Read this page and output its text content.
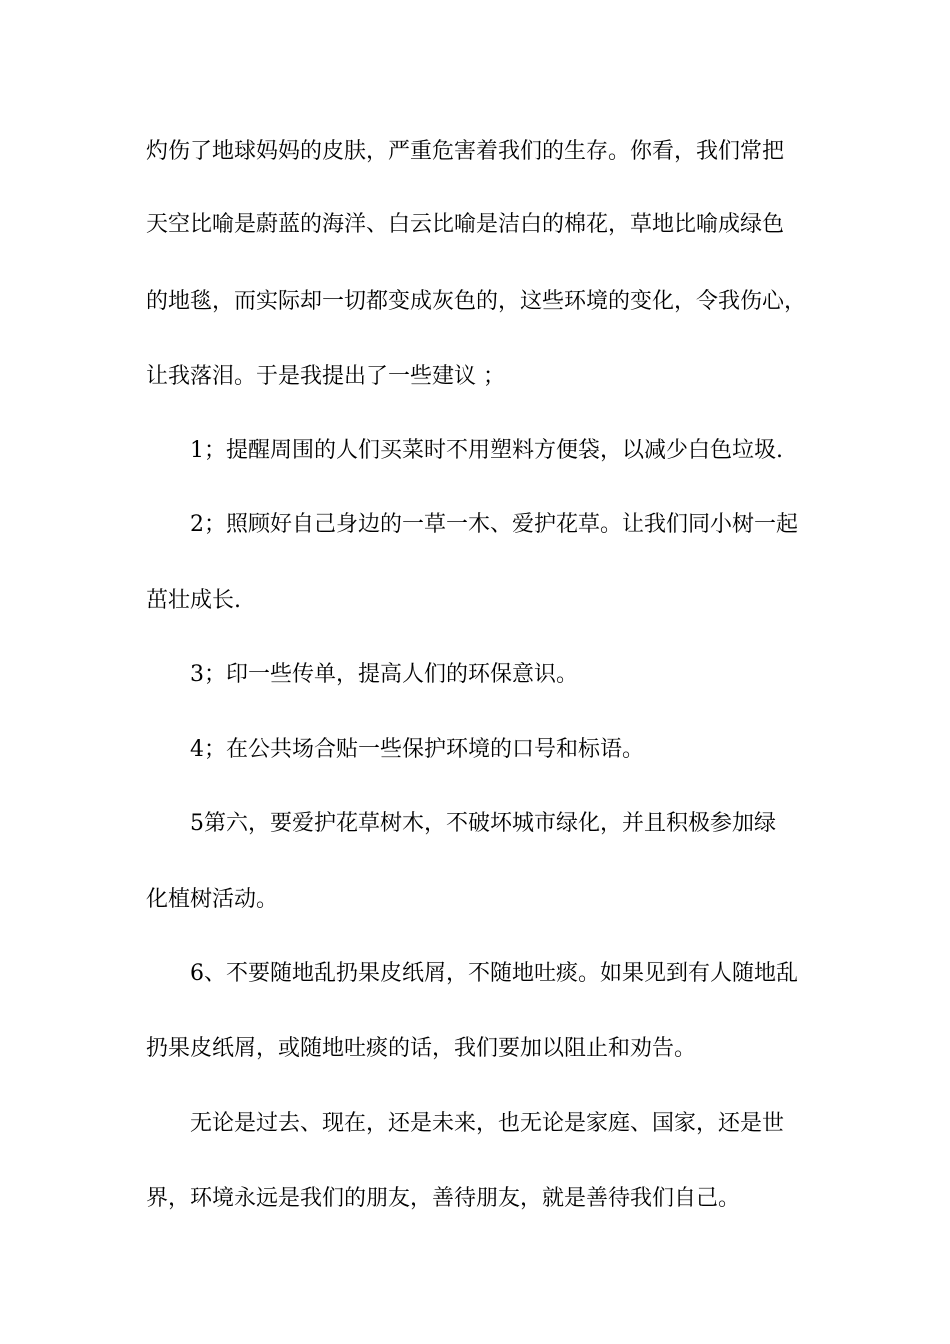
灼伤了地球妈妈的皮肤，严重危害着我们的生存。你看，我们常把
天空比喻是蔚蓝的海洋、白云比喻是洁白的棉花，草地比喻成绿色
的地毯，而实际却一切都变成灰色的，这些环境的变化，令我伤心，
让我落泪。于是我提出了一些建议 ；
1；提醒周围的人们买菜时不用塑料方便袋，以减少白色垃圾.
2；照顾好自己身边的一草一木、爱护花草。让我们同小树一起
茁壮成长.
3；印一些传单，提高人们的环保意识。
4；在公共场合贴一些保护环境的口号和标语。
5第六，要爱护花草树木，不破坏城市绿化，并且积极参加绿
化植树活动。
6、不要随地乱扔果皮纸屑，不随地吐痰。如果见到有人随地乱
扔果皮纸屑，或随地吐痰的话，我们要加以阻止和劝告。
无论是过去、现在，还是未来，也无论是家庭、国家，还是世
界，环境永远是我们的朋友，善待朋友，就是善待我们自己。
